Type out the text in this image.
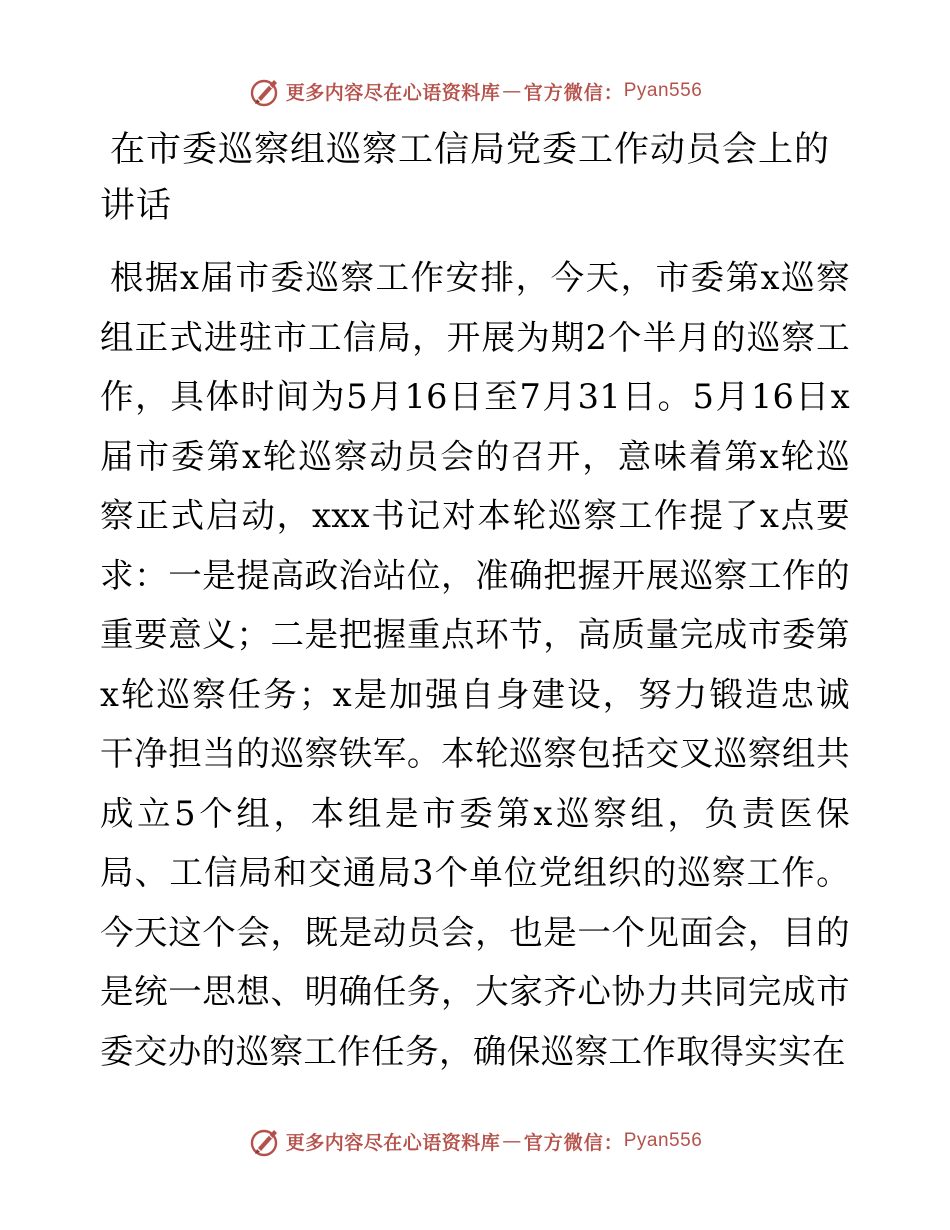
更多内容尽在心语资料库 — 官方微信： Pyan556
在市委巡察组巡察工信局党委工作动员会上的讲话

根据x届市委巡察工作安排，今天，市委第x巡察组正式进驻市工信局，开展为期2个半月的巡察工作，具体时间为5月16日至7月31日。5月16日x届市委第x轮巡察动员会的召开，意味着第x轮巡察正式启动，xxx书记对本轮巡察工作提了x点要求：一是提高政治站位，准确把握开展巡察工作的重要意义；二是把握重点环节，高质量完成市委第x轮巡察任务；x是加强自身建设，努力锻造忠诚干净担当的巡察铁军。本轮巡察包括交叉巡察组共成立5个组，本组是市委第x巡察组，负责医保局、工信局和交通局3个单位党组织的巡察工作。今天这个会，既是动员会，也是一个见面会，目的是统一思想、明确任务，大家齐心协力共同完成市委交办的巡察工作任务，确保巡察工作取得实实在

更多内容尽在心语资料库 — 官方微信： Pyan556
